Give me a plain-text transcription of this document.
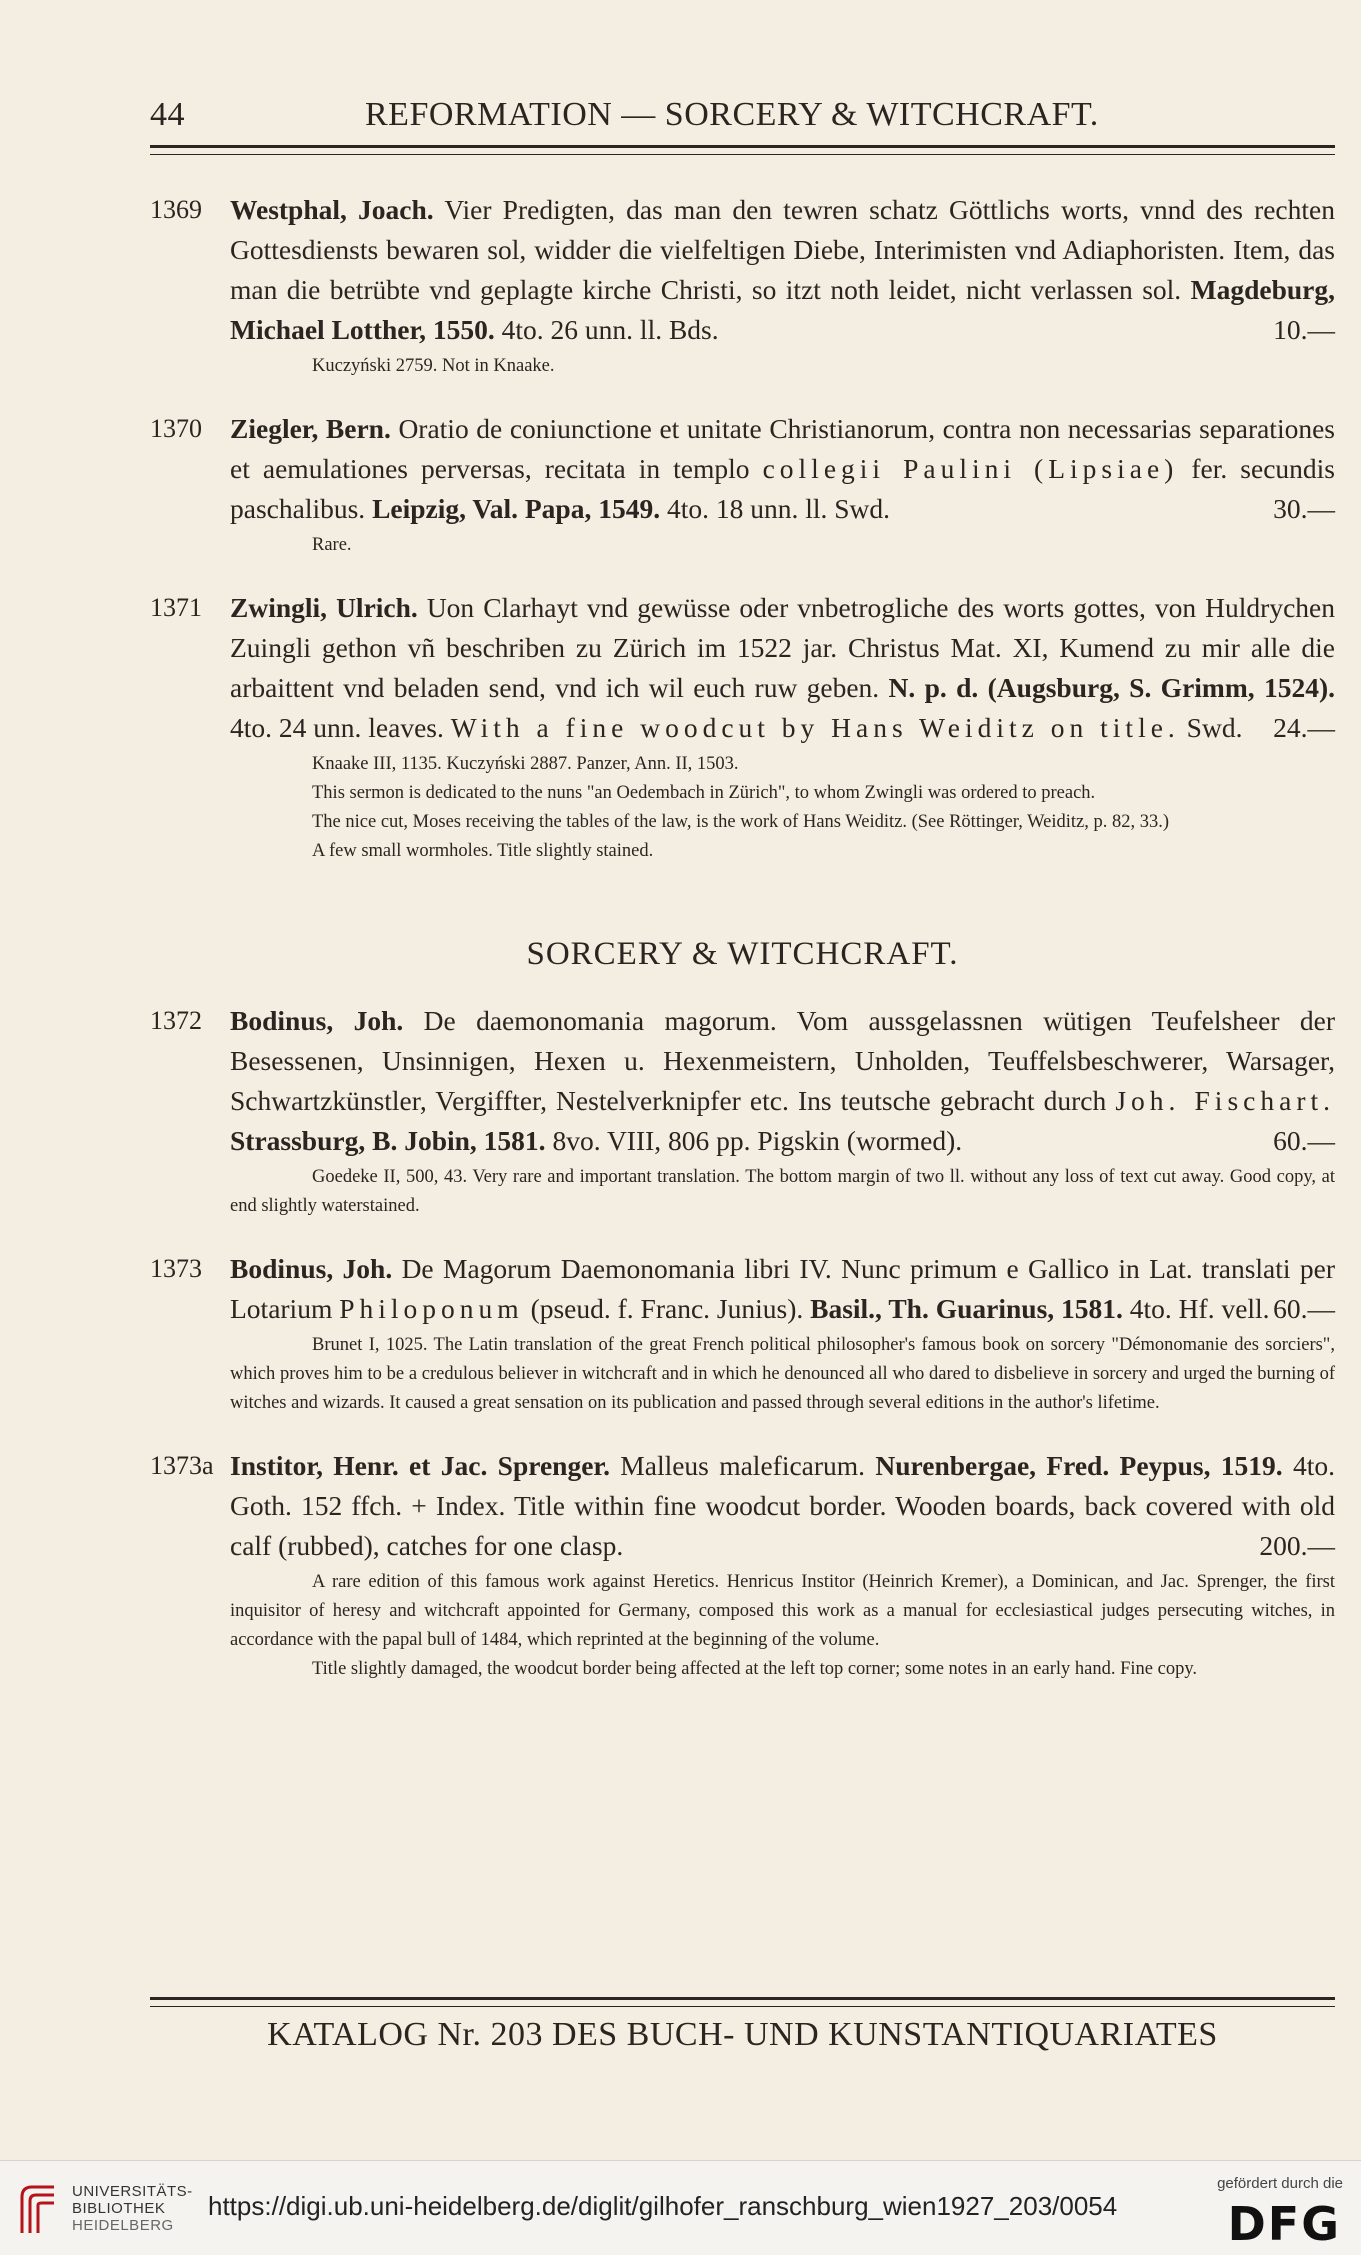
44	REFORMATION — SORCERY & WITCHCRAFT.
1369 Westphal, Joach. Vier Predigten, das man den tewren schatz Göttlichs worts, vnnd des rechten Gottesdiensts bewaren sol, widder die vielfeltigen Diebe, Interimisten vnd Adiaphoristen. Item, das man die betrübte vnd geplagte kirche Christi, so itzt noth leidet, nicht verlassen sol. Magdeburg, Michael Lotther, 1550. 4to. 26 unn. ll. Bds.	10.—

Kuczyński 2759. Not in Knaake.

1370 Ziegler, Bern. Oratio de coniunctione et unitate Christianorum, contra non necessarias separationes et aemulationes perversas, recitata in templo collegii Paulini (Lipsiae) fer. secundis paschalibus. Leipzig, Val. Papa, 1549. 4to. 18 unn. ll. Swd.	30.—

Rare.

1371 Zwingli, Ulrich. Uon Clarhayt vnd gewüsse oder vnbetrogliche des worts gottes, von Huldrychen Zuingli gethon vñ beschriben zu Zürich im 1522 jar. Christus Mat. XI, Kumend zu mir alle die arbaittent vnd beladen send, vnd ich wil euch ruw geben. N. p. d. (Augsburg, S. Grimm, 1524). 4to. 24 unn. leaves. With a fine woodcut by Hans Weiditz on title. Swd. 24.—

Knaake III, 1135. Kuczyński 2887. Panzer, Ann. II, 1503.

This sermon is dedicated to the nuns "an Oedembach in Zürich", to whom Zwingli was ordered to preach.

The nice cut, Moses receiving the tables of the law, is the work of Hans Weiditz. (See Röttinger, Weiditz, p. 82, 33.)

A few small wormholes. Title slightly stained.

SORCERY & WITCHCRAFT.
1372 Bodinus, Joh. De daemonomania magorum. Vom aussgelassnen wütigen Teufelsheer der Besessenen, Unsinnigen, Hexen u. Hexenmeistern, Unholden, Teuffelsbeschwerer, Warsager, Schwartzkünstler, Vergiffter, Nestelverknipfer etc. Ins teutsche gebracht durch Joh. Fischart. Strassburg, B. Jobin, 1581. 8vo. VIII, 806 pp. Pigskin (wormed).	60.—

Goedeke II, 500, 43. Very rare and important translation. The bottom margin of two ll. without any loss of text cut away. Good copy, at end slightly waterstained.

1373 Bodinus, Joh. De Magorum Daemonomania libri IV. Nunc primum e Gallico in Lat. translati per Lotarium Philoponum (pseud. f. Franc. Junius). Basil., Th. Guarinus, 1581. 4to. Hf. vell. 60.—

Brunet I, 1025. The Latin translation of the great French political philosopher's famous book on sorcery "Démonomanie des sorciers", which proves him to be a credulous believer in witchcraft and in which he denounced all who dared to disbelieve in sorcery and urged the burning of witches and wizards. It caused a great sensation on its publication and passed through several editions in the author's lifetime.

1373a Institor, Henr. et Jac. Sprenger. Malleus maleficarum. Nurenbergae, Fred. Peypus, 1519. 4to. Goth. 152 ffch. + Index. Title within fine woodcut border. Wooden boards, back covered with old calf (rubbed), catches for one clasp.	200.—

A rare edition of this famous work against Heretics. Henricus Institor (Heinrich Kremer), a Dominican, and Jac. Sprenger, the first inquisitor of heresy and witchcraft appointed for Germany, composed this work as a manual for ecclesiastical judges persecuting witches, in accordance with the papal bull of 1484, which reprinted at the beginning of the volume.

Title slightly damaged, the woodcut border being affected at the left top corner; some notes in an early hand. Fine copy.

KATALOG Nr. 203 DES BUCH- UND KUNSTANTIQUARIATES
UNIVERSITÄTS-
BIBLIOTHEK
HEIDELBERG
https://digi.ub.uni-heidelberg.de/diglit/gilhofer_ranschburg_wien1927_203/0054
gefördert durch die
DFG
